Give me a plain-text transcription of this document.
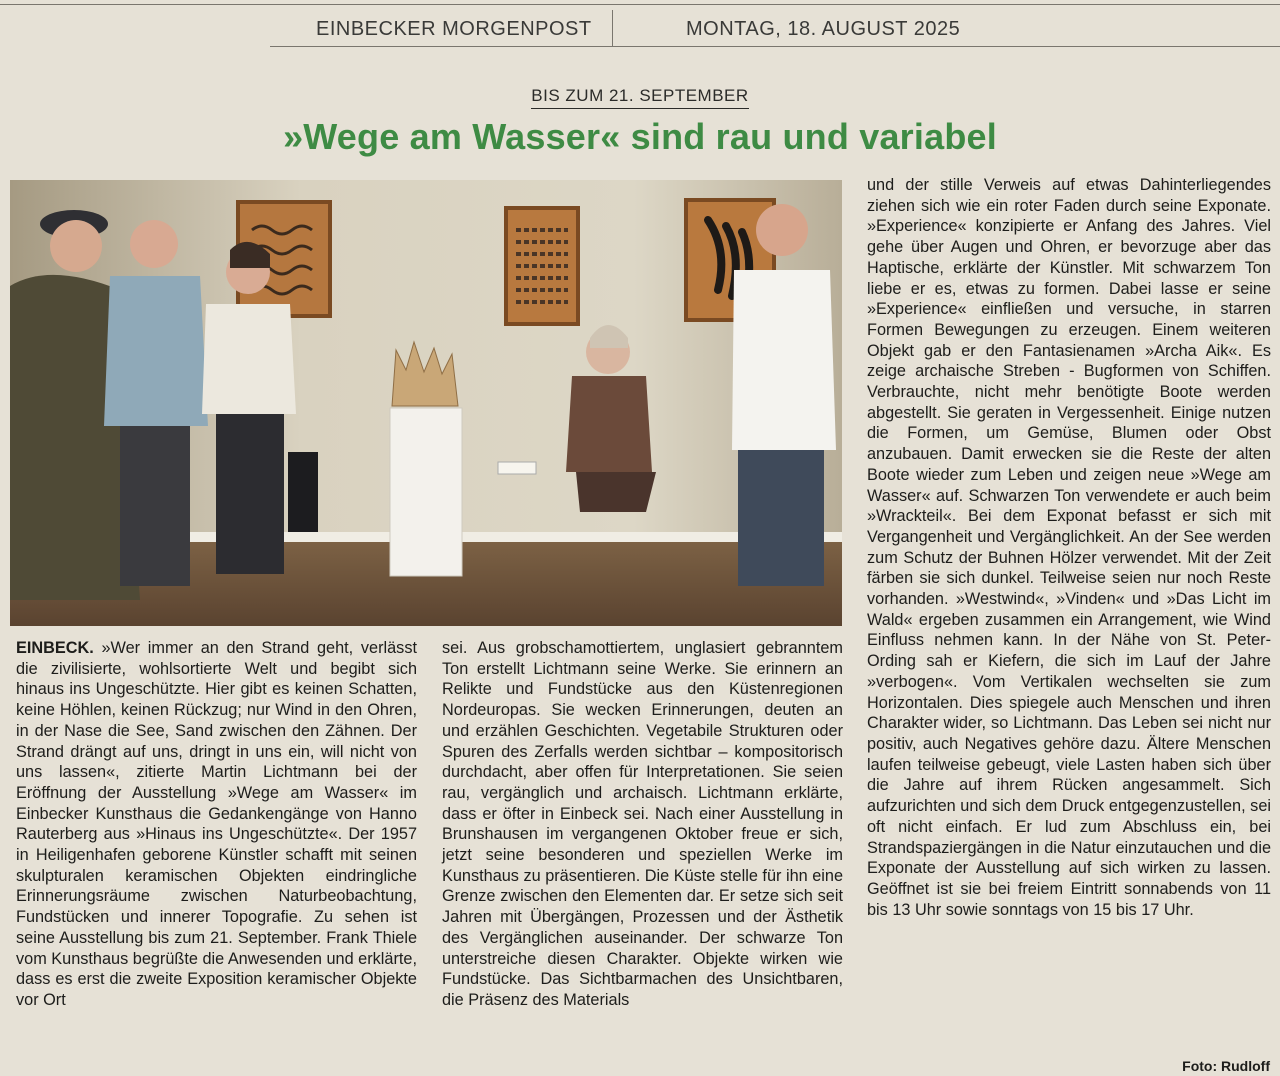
EINBECKER MORGENPOST	MONTAG, 18. AUGUST 2025
BIS ZUM 21. SEPTEMBER
»Wege am Wasser« sind rau und variabel
EINBECK. »Wer immer an den Strand geht, verlässt die zivilisierte, wohlsortierte Welt und begibt sich hinaus ins Ungeschützte. Hier gibt es keinen Schatten, keine Höhlen, keinen Rückzug; nur Wind in den Ohren, in der Nase die See, Sand zwischen den Zähnen. Der Strand drängt auf uns, dringt in uns ein, will nicht von uns lassen«, zitierte Martin Lichtmann bei der Eröffnung der Ausstellung »Wege am Wasser« im Einbecker Kunsthaus die Gedankengänge von Hanno Rauterberg aus »Hinaus ins Ungeschützte«. Der 1957 in Heiligenhafen geborene Künstler schafft mit seinen skulpturalen keramischen Objekten eindringliche Erinnerungsräume zwischen Naturbeobachtung, Fundstücken und innerer Topografie. Zu sehen ist seine Ausstellung bis zum 21. September. Frank Thiele vom Kunsthaus begrüßte die Anwesenden und erklärte, dass es erst die zweite Exposition keramischer Objekte vor Ort
sei. Aus grobschamottiertem, unglasiert gebranntem Ton erstellt Lichtmann seine Werke. Sie erinnern an Relikte und Fundstücke aus den Küstenregionen Nordeuropas. Sie wecken Erinnerungen, deuten an und erzählen Geschichten. Vegetabile Strukturen oder Spuren des Zerfalls werden sichtbar – kompositorisch durchdacht, aber offen für Interpretationen. Sie seien rau, vergänglich und archaisch. Lichtmann erklärte, dass er öfter in Einbeck sei. Nach einer Ausstellung in Brunshausen im vergangenen Oktober freue er sich, jetzt seine besonderen und speziellen Werke im Kunsthaus zu präsentieren. Die Küste stelle für ihn eine Grenze zwischen den Elementen dar. Er setze sich seit Jahren mit Übergängen, Prozessen und der Ästhetik des Vergänglichen auseinander. Der schwarze Ton unterstreiche diesen Charakter. Objekte wirken wie Fundstücke. Das Sichtbarmachen des Unsichtbaren, die Präsenz des Materials
und der stille Verweis auf etwas Dahinterliegendes ziehen sich wie ein roter Faden durch seine Exponate. »Experience« konzipierte er Anfang des Jahres. Viel gehe über Augen und Ohren, er bevorzuge aber das Haptische, erklärte der Künstler. Mit schwarzem Ton liebe er es, etwas zu formen. Dabei lasse er seine »Experience« einfließen und versuche, in starren Formen Bewegungen zu erzeugen. Einem weiteren Objekt gab er den Fantasienamen »Archa Aik«. Es zeige archaische Streben - Bugformen von Schiffen. Verbrauchte, nicht mehr benötigte Boote werden abgestellt. Sie geraten in Vergessenheit. Einige nutzen die Formen, um Gemüse, Blumen oder Obst anzubauen. Damit erwecken sie die Reste der alten Boote wieder zum Leben und zeigen neue »Wege am Wasser« auf. Schwarzen Ton verwendete er auch beim »Wrackteil«. Bei dem Exponat befasst er sich mit Vergangenheit und Vergänglichkeit. An der See werden zum Schutz der Buhnen Hölzer verwendet. Mit der Zeit färben sie sich dunkel. Teilweise seien nur noch Reste vorhanden. »Westwind«, »Vinden« und »Das Licht im Wald« ergeben zusammen ein Arrangement, wie Wind Einfluss nehmen kann. In der Nähe von St. Peter-Ording sah er Kiefern, die sich im Lauf der Jahre »verbogen«. Vom Vertikalen wechselten sie zum Horizontalen. Dies spiegele auch Menschen und ihren Charakter wider, so Lichtmann. Das Leben sei nicht nur positiv, auch Negatives gehöre dazu. Ältere Menschen laufen teilweise gebeugt, viele Lasten haben sich über die Jahre auf ihrem Rücken angesammelt. Sich aufzurichten und sich dem Druck entgegenzustellen, sei oft nicht einfach. Er lud zum Abschluss ein, bei Strandspaziergängen in die Natur einzutauchen und die Exponate der Ausstellung auf sich wirken zu lassen. Geöffnet ist sie bei freiem Eintritt sonnabends von 11 bis 13 Uhr sowie sonntags von 15 bis 17 Uhr.
Foto: Rudloff
